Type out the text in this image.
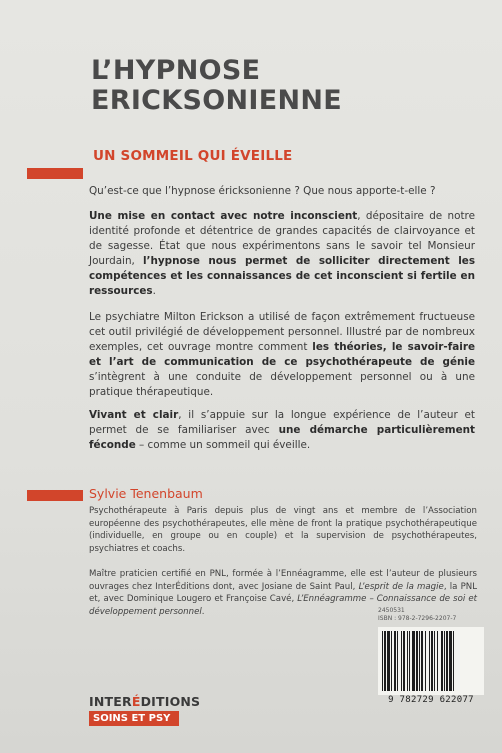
L’HYPNOSE
ERICKSONIENNE
UN SOMMEIL QUI ÉVEILLE
Qu’est-ce que l’hypnose éricksonienne ? Que nous apporte-t-elle ?
Une mise en contact avec notre inconscient, dépositaire de notre identité profonde et détentrice de grandes capacités de clairvoyance et de sagesse. État que nous expérimentons sans le savoir tel Monsieur Jourdain, l’hypnose nous permet de solliciter directement les compétences et les connaissances de cet inconscient si fertile en ressources.
Le psychiatre Milton Erickson a utilisé de façon extrêmement fructueuse cet outil privilégié de développement personnel. Illustré par de nombreux exemples, cet ouvrage montre comment les théories, le savoir-faire et l’art de communication de ce psychothérapeute de génie s’intègrent à une conduite de développement personnel ou à une pratique thérapeutique.
Vivant et clair, il s’appuie sur la longue expérience de l’auteur et permet de se familiariser avec une démarche particulièrement féconde – comme un sommeil qui éveille.
Sylvie Tenenbaum
Psychothérapeute à Paris depuis plus de vingt ans et membre de l’Association européenne des psychothérapeutes, elle mène de front la pratique psychothérapeutique (individuelle, en groupe ou en couple) et la supervision de psychothérapeutes, psychiatres et coachs.
Maître praticien certifié en PNL, formée à l’Ennéagramme, elle est l’auteur de plusieurs ouvrages chez InterÉditions dont, avec Josiane de Saint Paul, L’esprit de la magie, la PNL et, avec Dominique Lougero et Françoise Cavé, L’Ennéagramme – Connaissance de soi et développement personnel.
INTERÉDITIONS
SOINS ET PSY
2450531
ISBN : 978-2-7296-2207-7
9 782729 622077
